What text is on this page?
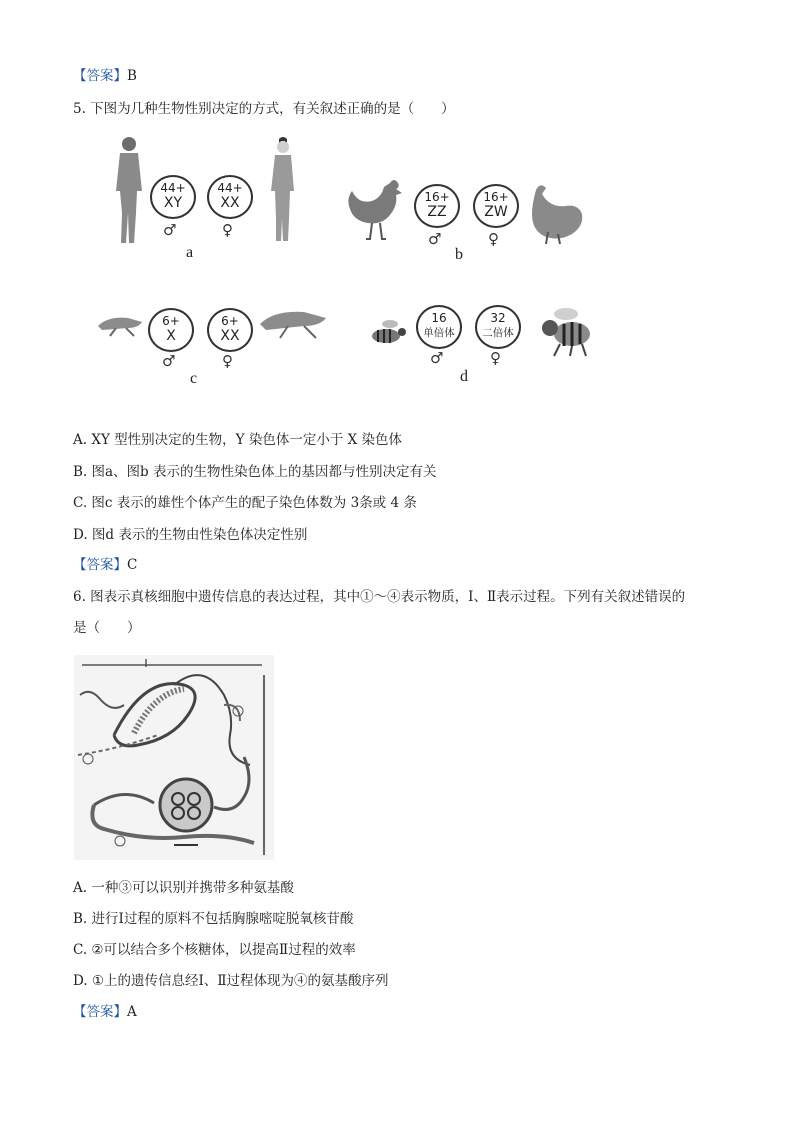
【答案】B
5. 下图为几种生物性别决定的方式，有关叙述正确的是（　　）
44+
XY
♂
44+
XX
♀
a
16+
ZZ
♂
16+
ZW
♀
b
6+
X
♂
6+
XX
♀
c
16
单倍体
♂
32
二倍体
♀
d
A. XY 型性别决定的生物，Y 染色体一定小于 X 染色体
B. 图a、图b 表示的生物性染色体上的基因都与性别决定有关
C. 图c 表示的雄性个体产生的配子染色体数为 3条或 4 条
D. 图d 表示的生物由性染色体决定性别
【答案】C
6. 图表示真核细胞中遗传信息的表达过程，其中①～④表示物质，Ⅰ、Ⅱ表示过程。下列有关叙述错误的
是（　　）
A. 一种③可以识别并携带多种氨基酸
B. 进行Ⅰ过程的原料不包括胸腺嘧啶脱氧核苷酸
C. ②可以结合多个核糖体，以提高Ⅱ过程的效率
D. ①上的遗传信息经Ⅰ、Ⅱ过程体现为④的氨基酸序列
【答案】A
